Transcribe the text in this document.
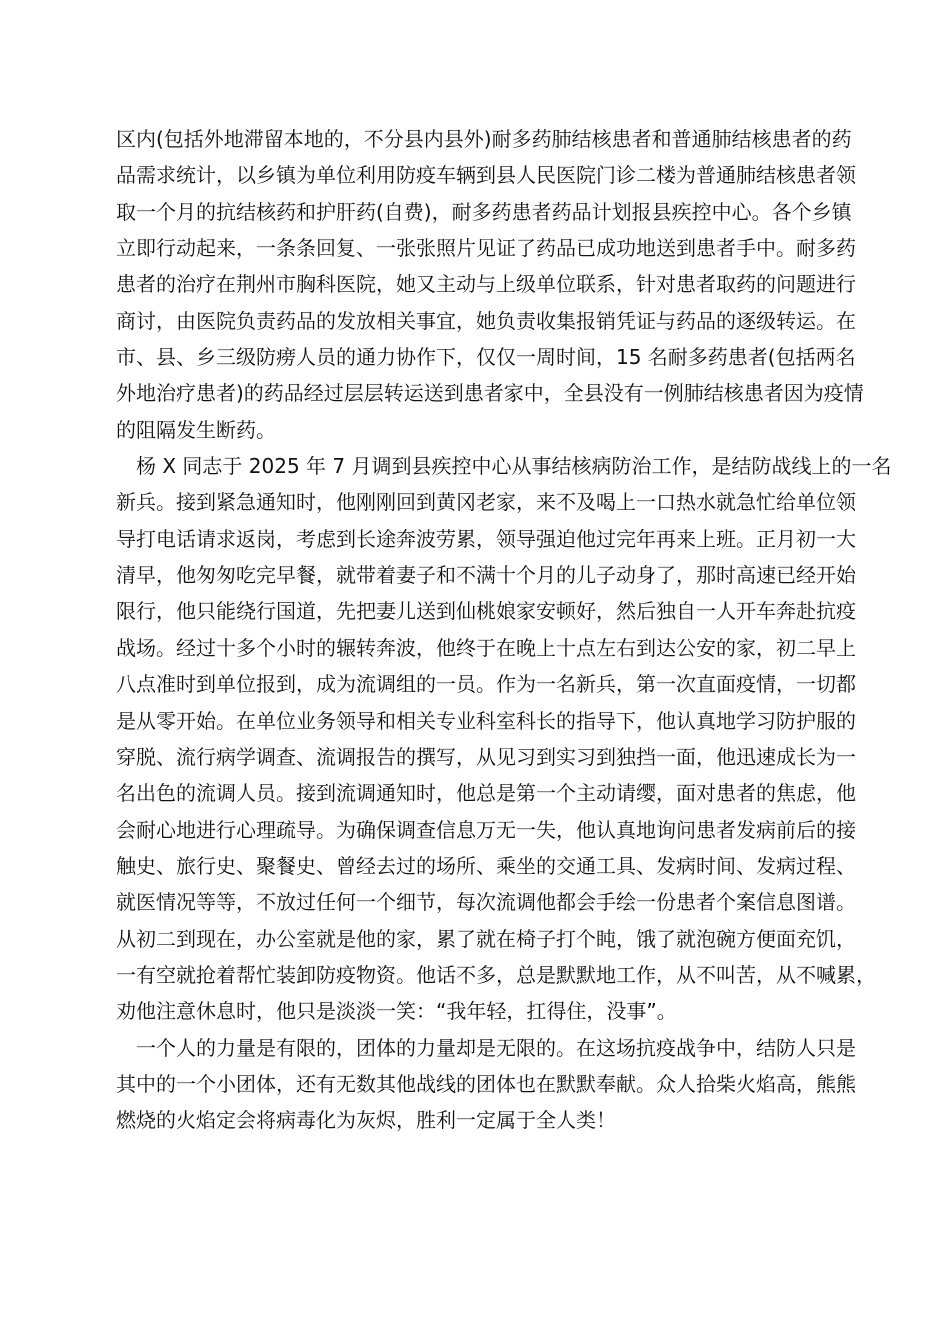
区内(包括外地滞留本地的，不分县内县外)耐多药肺结核患者和普通肺结核患者的药
品需求统计，以乡镇为单位利用防疫车辆到县人民医院门诊二楼为普通肺结核患者领
取一个月的抗结核药和护肝药(自费)，耐多药患者药品计划报县疾控中心。各个乡镇
立即行动起来，一条条回复、一张张照片见证了药品已成功地送到患者手中。耐多药
患者的治疗在荆州市胸科医院，她又主动与上级单位联系，针对患者取药的问题进行
商讨，由医院负责药品的发放相关事宜，她负责收集报销凭证与药品的逐级转运。在
市、县、乡三级防痨人员的通力协作下，仅仅一周时间，15 名耐多药患者(包括两名
外地治疗患者)的药品经过层层转运送到患者家中，全县没有一例肺结核患者因为疫情
的阻隔发生断药。
杨 X 同志于 2025 年 7 月调到县疾控中心从事结核病防治工作，是结防战线上的一名
新兵。接到紧急通知时，他刚刚回到黄冈老家，来不及喝上一口热水就急忙给单位领
导打电话请求返岗，考虑到长途奔波劳累，领导强迫他过完年再来上班。正月初一大
清早，他匆匆吃完早餐，就带着妻子和不满十个月的儿子动身了，那时高速已经开始
限行，他只能绕行国道，先把妻儿送到仙桃娘家安顿好，然后独自一人开车奔赴抗疫
战场。经过十多个小时的辗转奔波，他终于在晚上十点左右到达公安的家，初二早上
八点准时到单位报到，成为流调组的一员。作为一名新兵，第一次直面疫情，一切都
是从零开始。在单位业务领导和相关专业科室科长的指导下，他认真地学习防护服的
穿脱、流行病学调查、流调报告的撰写，从见习到实习到独挡一面，他迅速成长为一
名出色的流调人员。接到流调通知时，他总是第一个主动请缨，面对患者的焦虑，他
会耐心地进行心理疏导。为确保调查信息万无一失，他认真地询问患者发病前后的接
触史、旅行史、聚餐史、曾经去过的场所、乘坐的交通工具、发病时间、发病过程、
就医情况等等，不放过任何一个细节，每次流调他都会手绘一份患者个案信息图谱。
从初二到现在，办公室就是他的家，累了就在椅子打个盹，饿了就泡碗方便面充饥，
一有空就抢着帮忙装卸防疫物资。他话不多，总是默默地工作，从不叫苦，从不喊累，
劝他注意休息时，他只是淡淡一笑：“我年轻，扛得住，没事”。
一个人的力量是有限的，团体的力量却是无限的。在这场抗疫战争中，结防人只是
其中的一个小团体，还有无数其他战线的团体也在默默奉献。众人拾柴火焰高，熊熊
燃烧的火焰定会将病毒化为灰烬，胜利一定属于全人类！
